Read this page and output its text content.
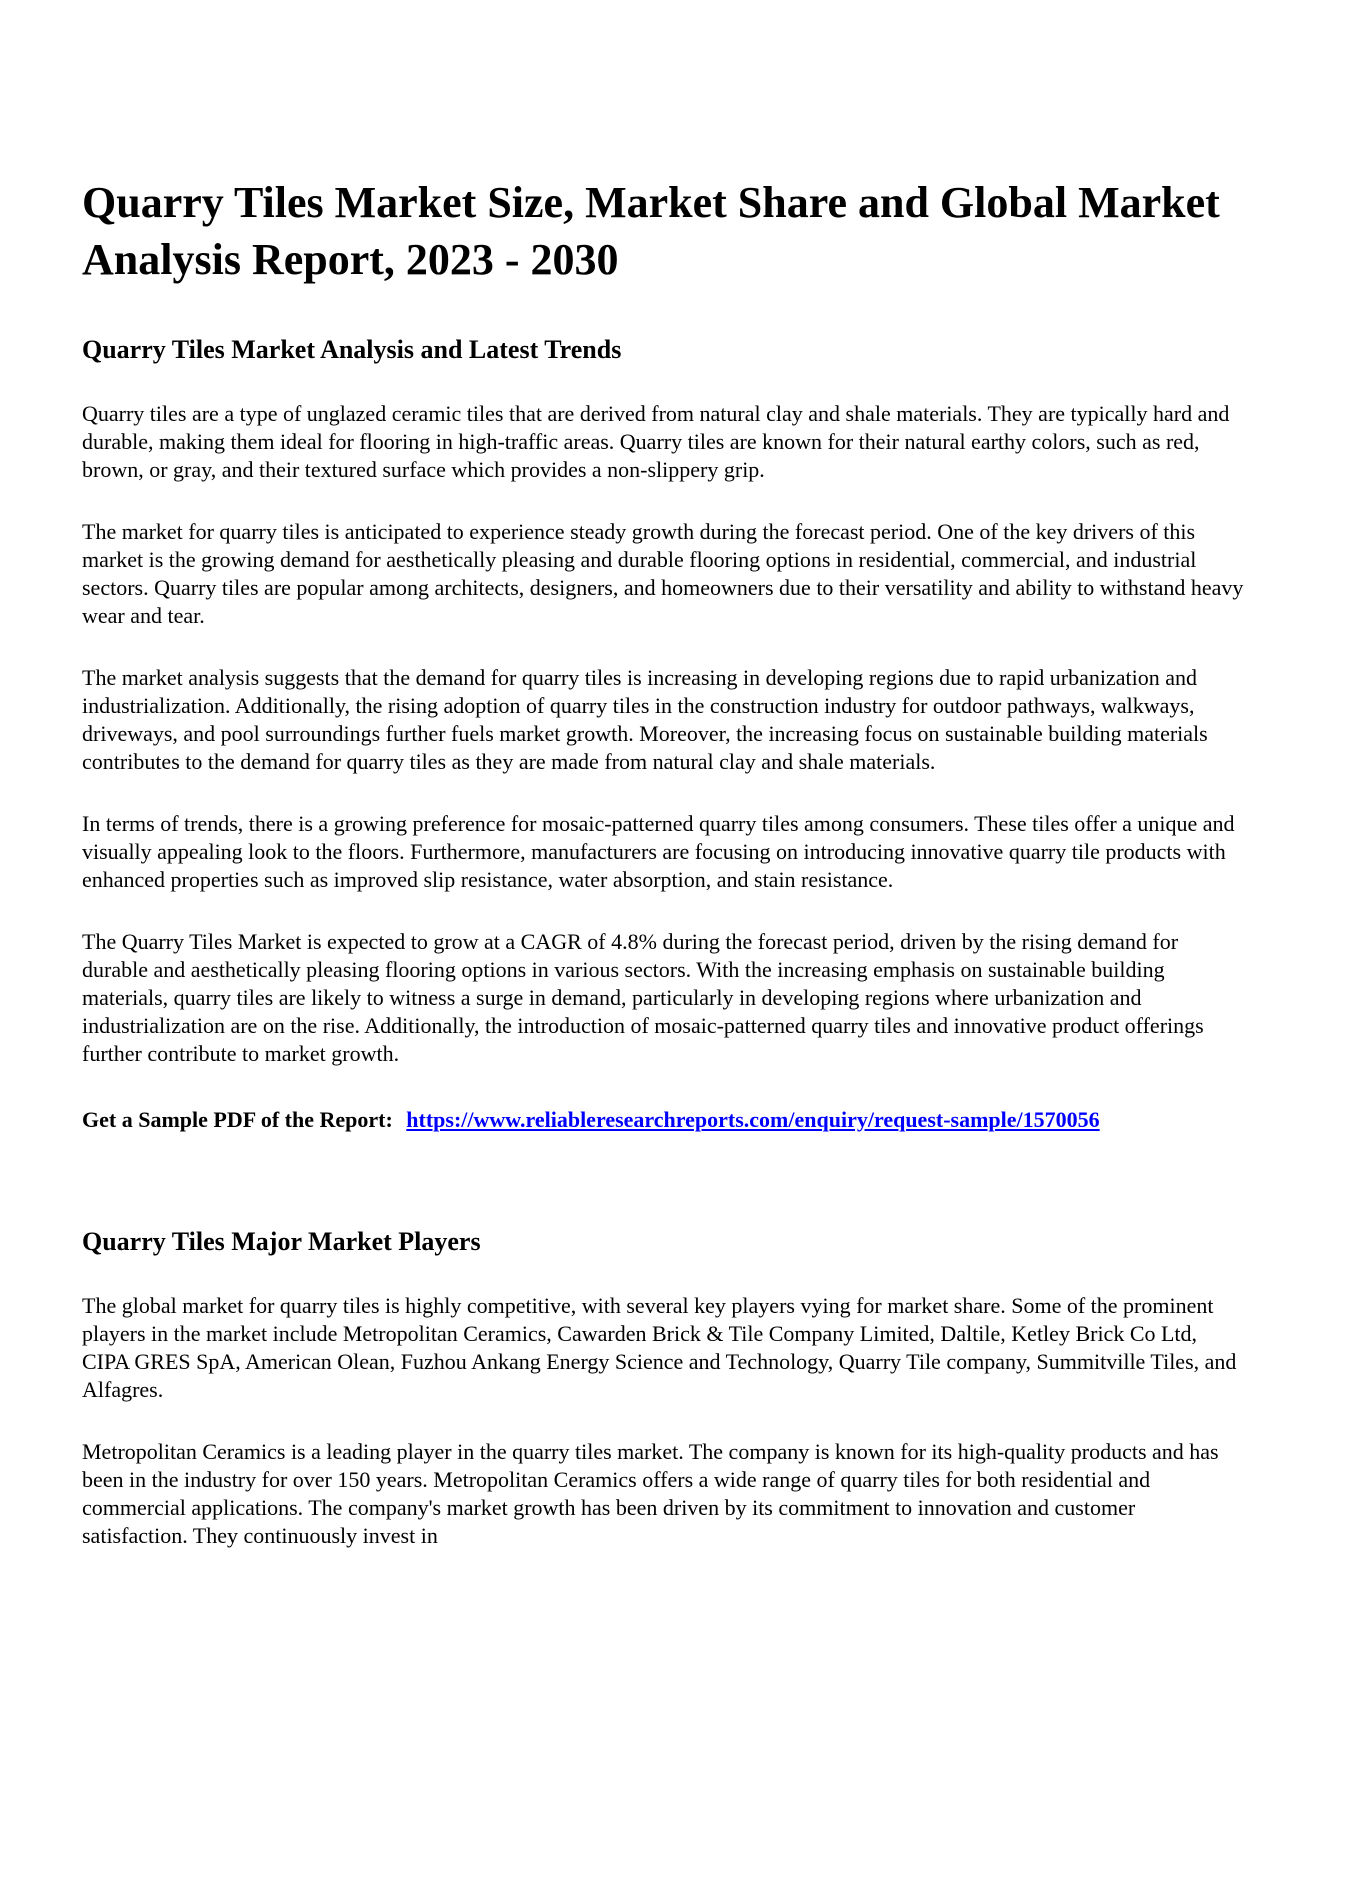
Quarry Tiles Market Size, Market Share and Global Market Analysis Report, 2023 - 2030
Quarry Tiles Market Analysis and Latest Trends

Quarry tiles are a type of unglazed ceramic tiles that are derived from natural clay and shale materials. They are typically hard and durable, making them ideal for flooring in high-traffic areas. Quarry tiles are known for their natural earthy colors, such as red, brown, or gray, and their textured surface which provides a non-slippery grip.

The market for quarry tiles is anticipated to experience steady growth during the forecast period. One of the key drivers of this market is the growing demand for aesthetically pleasing and durable flooring options in residential, commercial, and industrial sectors. Quarry tiles are popular among architects, designers, and homeowners due to their versatility and ability to withstand heavy wear and tear.

The market analysis suggests that the demand for quarry tiles is increasing in developing regions due to rapid urbanization and industrialization. Additionally, the rising adoption of quarry tiles in the construction industry for outdoor pathways, walkways, driveways, and pool surroundings further fuels market growth. Moreover, the increasing focus on sustainable building materials contributes to the demand for quarry tiles as they are made from natural clay and shale materials.

In terms of trends, there is a growing preference for mosaic-patterned quarry tiles among consumers. These tiles offer a unique and visually appealing look to the floors. Furthermore, manufacturers are focusing on introducing innovative quarry tile products with enhanced properties such as improved slip resistance, water absorption, and stain resistance.

The Quarry Tiles Market is expected to grow at a CAGR of 4.8% during the forecast period, driven by the rising demand for durable and aesthetically pleasing flooring options in various sectors. With the increasing emphasis on sustainable building materials, quarry tiles are likely to witness a surge in demand, particularly in developing regions where urbanization and industrialization are on the rise. Additionally, the introduction of mosaic-patterned quarry tiles and innovative product offerings further contribute to market growth.

Get a Sample PDF of the Report: https://www.reliableresearchreports.com/enquiry/request-sample/1570056

Quarry Tiles Major Market Players

The global market for quarry tiles is highly competitive, with several key players vying for market share. Some of the prominent players in the market include Metropolitan Ceramics, Cawarden Brick & Tile Company Limited, Daltile, Ketley Brick Co Ltd, CIPA GRES SpA, American Olean, Fuzhou Ankang Energy Science and Technology, Quarry Tile company, Summitville Tiles, and Alfagres.

Metropolitan Ceramics is a leading player in the quarry tiles market. The company is known for its high-quality products and has been in the industry for over 150 years. Metropolitan Ceramics offers a wide range of quarry tiles for both residential and commercial applications. The company's market growth has been driven by its commitment to innovation and customer satisfaction. They continuously invest in
